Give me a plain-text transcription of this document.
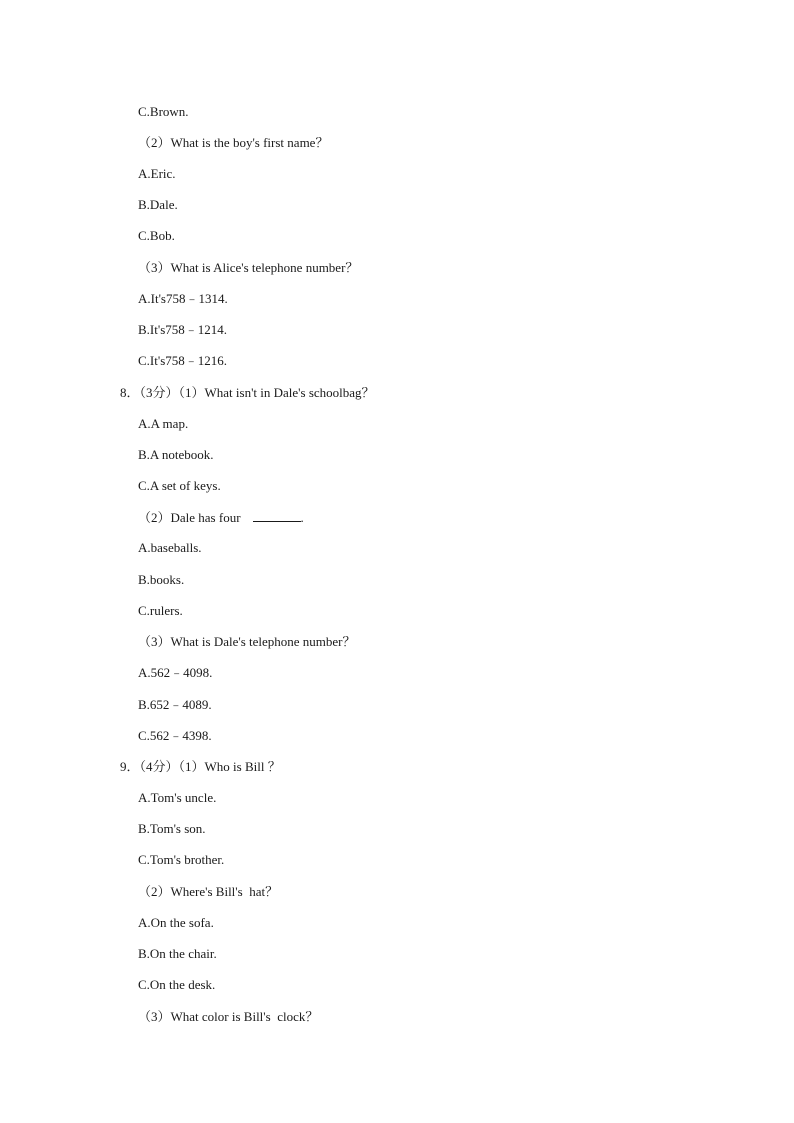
C.Brown.
（2）What is the boy's first name？
A.Eric.
B.Dale.
C.Bob.
（3）What is Alice's telephone number？
A.It's758﹣1314.
B.It's758﹣1214.
C.It's758﹣1216.
8．（3分）（1）What isn't in Dale's schoolbag？
A.A map.
B.A notebook.
C.A set of keys.
（2）Dale has four	.
A.baseballs.
B.books.
C.rulers.
（3）What is Dale's telephone number？
A.562﹣4098.
B.652﹣4089.
C.562﹣4398.
9．（4分）（1）Who is Bill ？
A.Tom's uncle.
B.Tom's son.
C.Tom's brother.
（2）Where's Bill's  hat？
A.On the sofa.
B.On the chair.
C.On the desk.
（3）What color is Bill's  clock？
